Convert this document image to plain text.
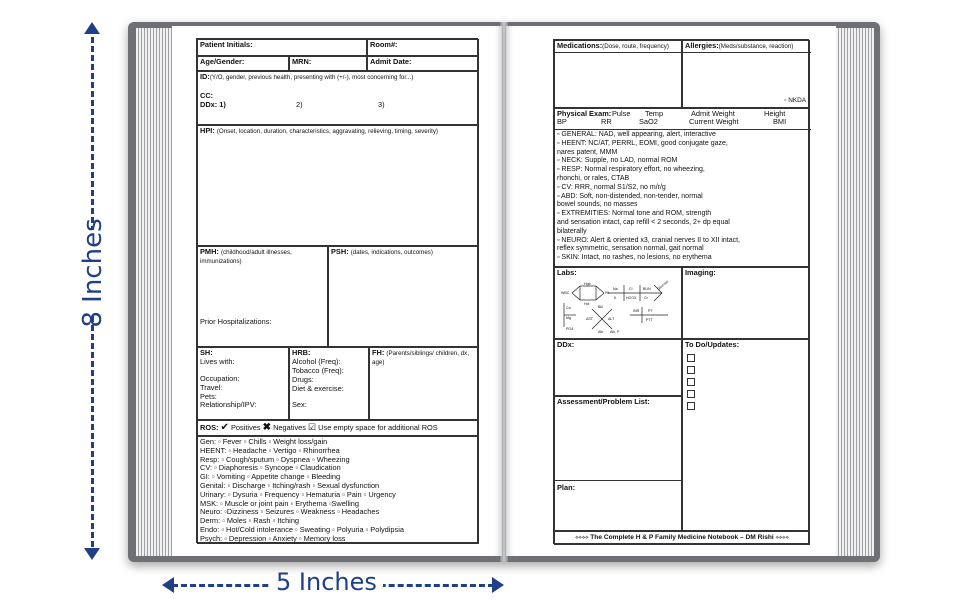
8 Inches
5 Inches
Patient Initials:	Room#:
Age/Gender:	MRN:	Admit Date:
ID:(Y/O, gender, previous health, presenting with (+/-), most concerning for...)
CC:
DDx: 1)	2)	3)
HPI: (Onset, location, duration, characteristics, aggravating, relieving, timing, severity)
PMH: (childhood/adult illnesses, immunizations)
Prior Hospitalizations:
PSH: (dates, indications, outcomes)
SH:
Lives with:
Occupation:
Travel:
Pets:
Relationship/IPV:
HRB:
Alcohol (Freq):
Tobacco (Freq):
Drugs:
Diet & exercise:
Sex:
FH: (Parents/siblings/ children, dx, age)
ROS: ✔ Positives ✖ Negatives ☑ Use empty space for additional ROS
Gen: ▫ Fever ▫ Chills ▫ Weight loss/gain
HEENT: ▫ Headache ▫ Vertigo ▫ Rhinorrhea
Resp: ▫ Cough/sputum ▫ Dyspnea ▫ Wheezing
CV: ▫ Diaphoresis ▫ Syncope ▫ Claudication
GI: ▫ Vomiting ▫ Appetite change ▫ Bleeding
Genital: ▫ Discharge ▫ Itching/rash ▫ Sexual dysfunction
Urinary: ▫ Dysuria ▫ Frequency ▫ Hematuria ▫ Pain ▫ Urgency
MSK: ▫ Muscle or joint pain ▫ Erythema ▫Swelling
Neuro: ▫Dizziness ▫ Seizures ▫ Weakness ▫ Headaches
Derm: ▫ Moles ▫ Rash ▫ Itching
Endo: ▫ Hot/Cold intolerance ▫ Sweating ▫ Polyuria ▫ Polydipsia
Psych: ▫ Depression ▫ Anxiety ▫ Memory loss
Medications:(Dose, route, frequency)	Allergies:(Meds/substance, reaction)
▫ NKDA
Physical Exam: Pulse Temp	Admit Weight	Height
BP	RR	SaO2	Current Weight	BMI
▫ GENERAL: NAD, well appearing, alert, interactive
▫ HEENT: NC/AT, PERRL, EOMI, good conjugate gaze,
nares patent, MMM
▫ NECK: Supple, no LAD, normal ROM
▫ RESP: Normal respiratory effort, no wheezing,
rhonchi, or rales, CTAB
▫ CV: RRR, normal S1/S2, no m/r/g
▫ ABD: Soft, non-distended, non-tender, normal
bowel sounds, no masses
▫ EXTREMITIES: Normal tone and ROM, strength
and sensation intact, cap refill < 2 seconds, 2+ dp equal
bilaterally
▫ NEURO: Alert & oriented x3, cranial nerves II to XII intact,
reflex symmetric, sensation normal, gait normal
▫ SKIN: Intact, no rashes, no lesions, no erythema
Labs:
WBC
Hgb
Plt
Hct
Na	Cl	BUN Glucose
K	HCO3 Cr
Ca
Mg
PO4
Bili
AST	ALT
Alb Alk. P
PT
PTT
INR
Imaging:
DDx:	To Do/Updates:
Assessment/Problem List:
Plan:
⟡⟡⟡⟡ The Complete H & P Family Medicine Notebook – DM Rishi ⟡⟡⟡⟡
